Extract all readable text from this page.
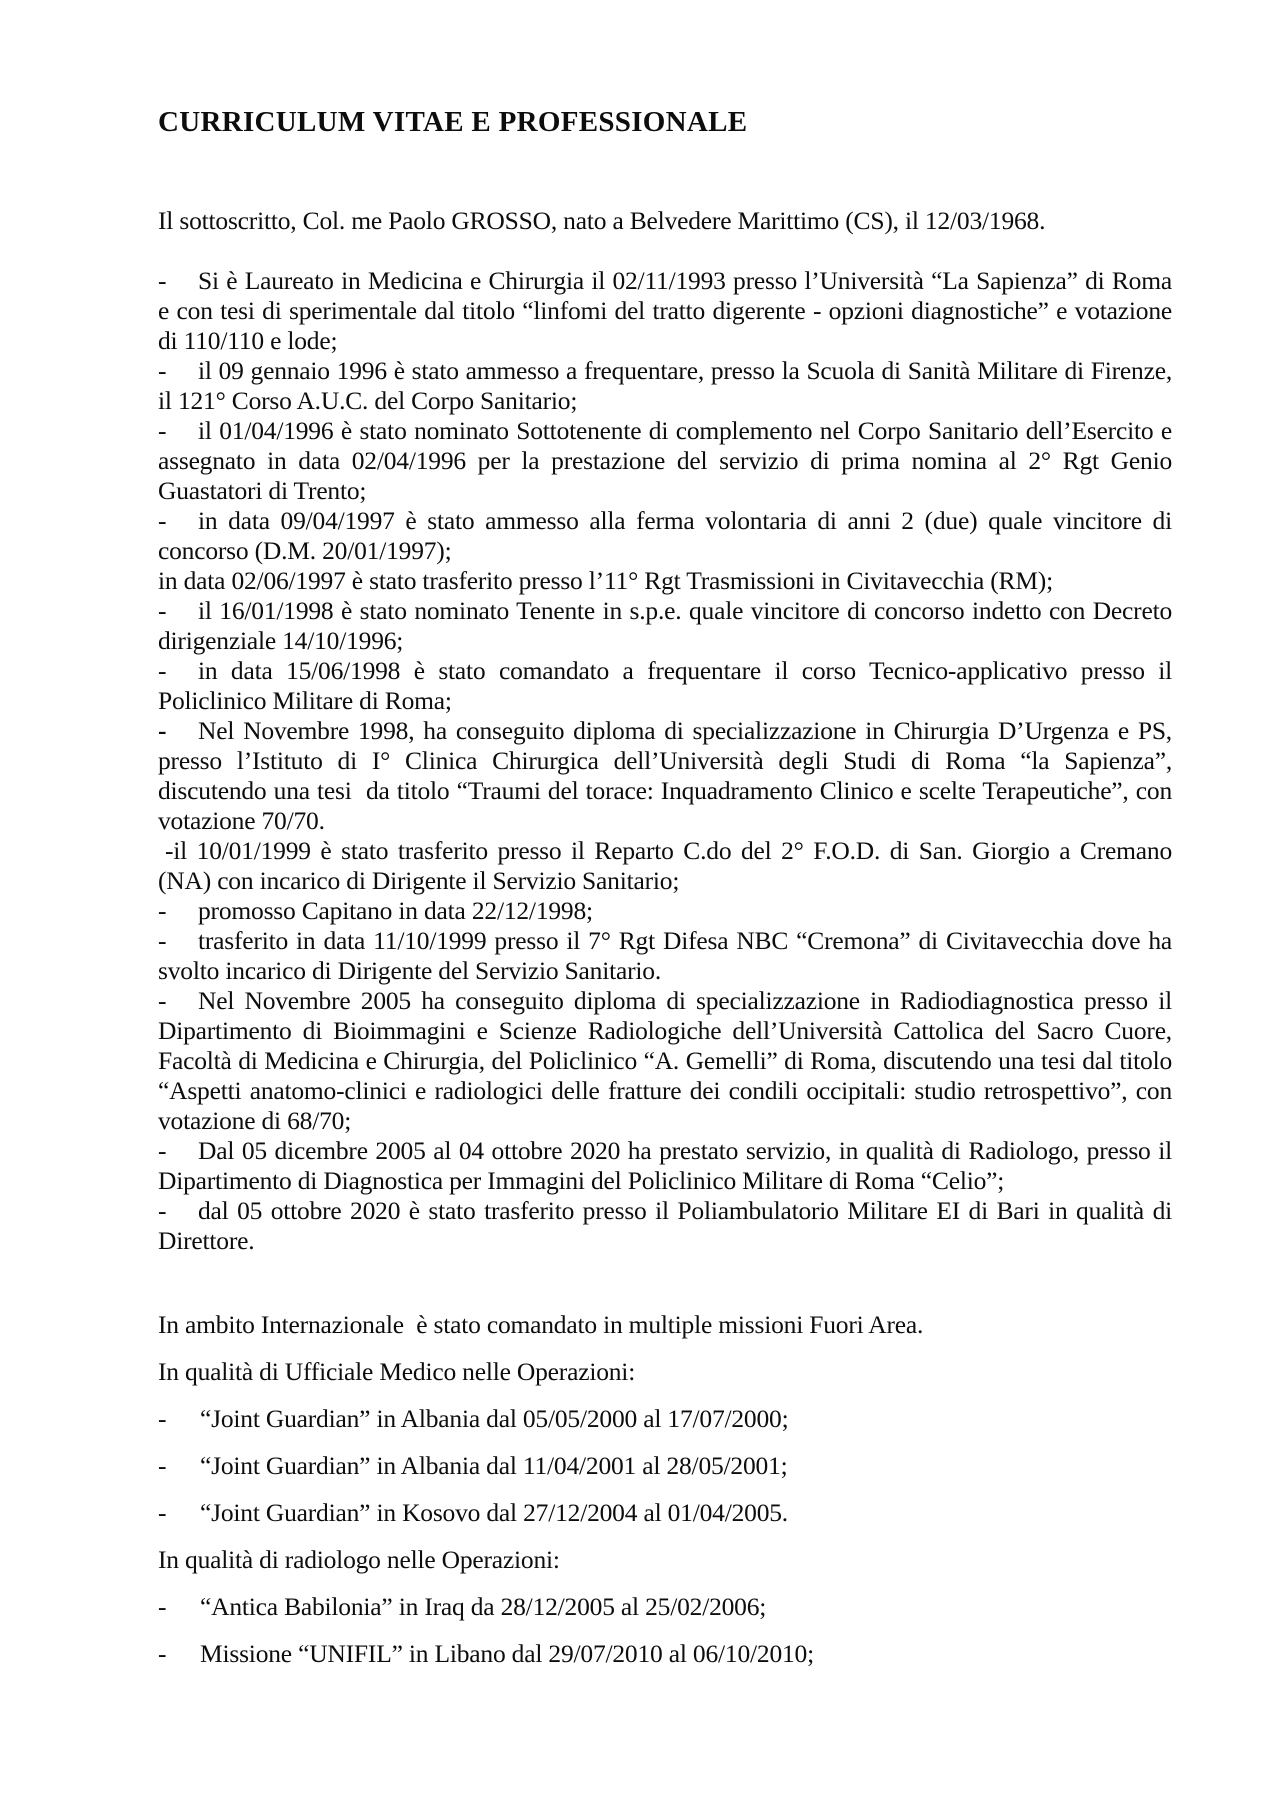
CURRICULUM VITAE E PROFESSIONALE

Il sottoscritto, Col. me Paolo GROSSO, nato a Belvedere Marittimo (CS), il 12/03/1968.

- Si è Laureato in Medicina e Chirurgia il 02/11/1993 presso l’Università “La Sapienza” di Roma e con tesi di sperimentale dal titolo “linfomi del tratto digerente - opzioni diagnostiche” e votazione di 110/110 e lode;

- il 09 gennaio 1996 è stato ammesso a frequentare, presso la Scuola di Sanità Militare di Firenze, il 121° Corso A.U.C. del Corpo Sanitario;

- il 01/04/1996 è stato nominato Sottotenente di complemento nel Corpo Sanitario dell’Esercito e assegnato in data 02/04/1996 per la prestazione del servizio di prima nomina al 2° Rgt Genio Guastatori di Trento;

- in data 09/04/1997 è stato ammesso alla ferma volontaria di anni 2 (due) quale vincitore di concorso (D.M. 20/01/1997);

in data 02/06/1997 è stato trasferito presso l’11° Rgt Trasmissioni in Civitavecchia (RM);

- il 16/01/1998 è stato nominato Tenente in s.p.e. quale vincitore di concorso indetto con Decreto dirigenziale 14/10/1996;

- in data 15/06/1998 è stato comandato a frequentare il corso Tecnico-applicativo presso il Policlinico Militare di Roma;

- Nel Novembre 1998, ha conseguito diploma di specializzazione in Chirurgia D’Urgenza e PS, presso l’Istituto di I° Clinica Chirurgica dell’Università degli Studi di Roma “la Sapienza”, discutendo una tesi  da titolo “Traumi del torace: Inquadramento Clinico e scelte Terapeutiche”, con votazione 70/70.

-il 10/01/1999 è stato trasferito presso il Reparto C.do del 2° F.O.D. di San. Giorgio a Cremano (NA) con incarico di Dirigente il Servizio Sanitario;

- promosso Capitano in data 22/12/1998;

- trasferito in data 11/10/1999 presso il 7° Rgt Difesa NBC “Cremona” di Civitavecchia dove ha svolto incarico di Dirigente del Servizio Sanitario.

- Nel Novembre 2005 ha conseguito diploma di specializzazione in Radiodiagnostica presso il Dipartimento di Bioimmagini e Scienze Radiologiche dell’Università Cattolica del Sacro Cuore, Facoltà di Medicina e Chirurgia, del Policlinico “A. Gemelli” di Roma, discutendo una tesi dal titolo “Aspetti anatomo-clinici e radiologici delle fratture dei condili occipitali: studio retrospettivo”, con votazione di 68/70;

- Dal 05 dicembre 2005 al 04 ottobre 2020 ha prestato servizio, in qualità di Radiologo, presso il Dipartimento di Diagnostica per Immagini del Policlinico Militare di Roma “Celio”;

- dal 05 ottobre 2020 è stato trasferito presso il Poliambulatorio Militare EI di Bari in qualità di Direttore.

In ambito Internazionale  è stato comandato in multiple missioni Fuori Area.

In qualità di Ufficiale Medico nelle Operazioni:

- “Joint Guardian” in Albania dal 05/05/2000 al 17/07/2000;

- “Joint Guardian” in Albania dal 11/04/2001 al 28/05/2001;

- “Joint Guardian” in Kosovo dal 27/12/2004 al 01/04/2005.

In qualità di radiologo nelle Operazioni:

- “Antica Babilonia” in Iraq da 28/12/2005 al 25/02/2006;

- Missione “UNIFIL” in Libano dal 29/07/2010 al 06/10/2010;
